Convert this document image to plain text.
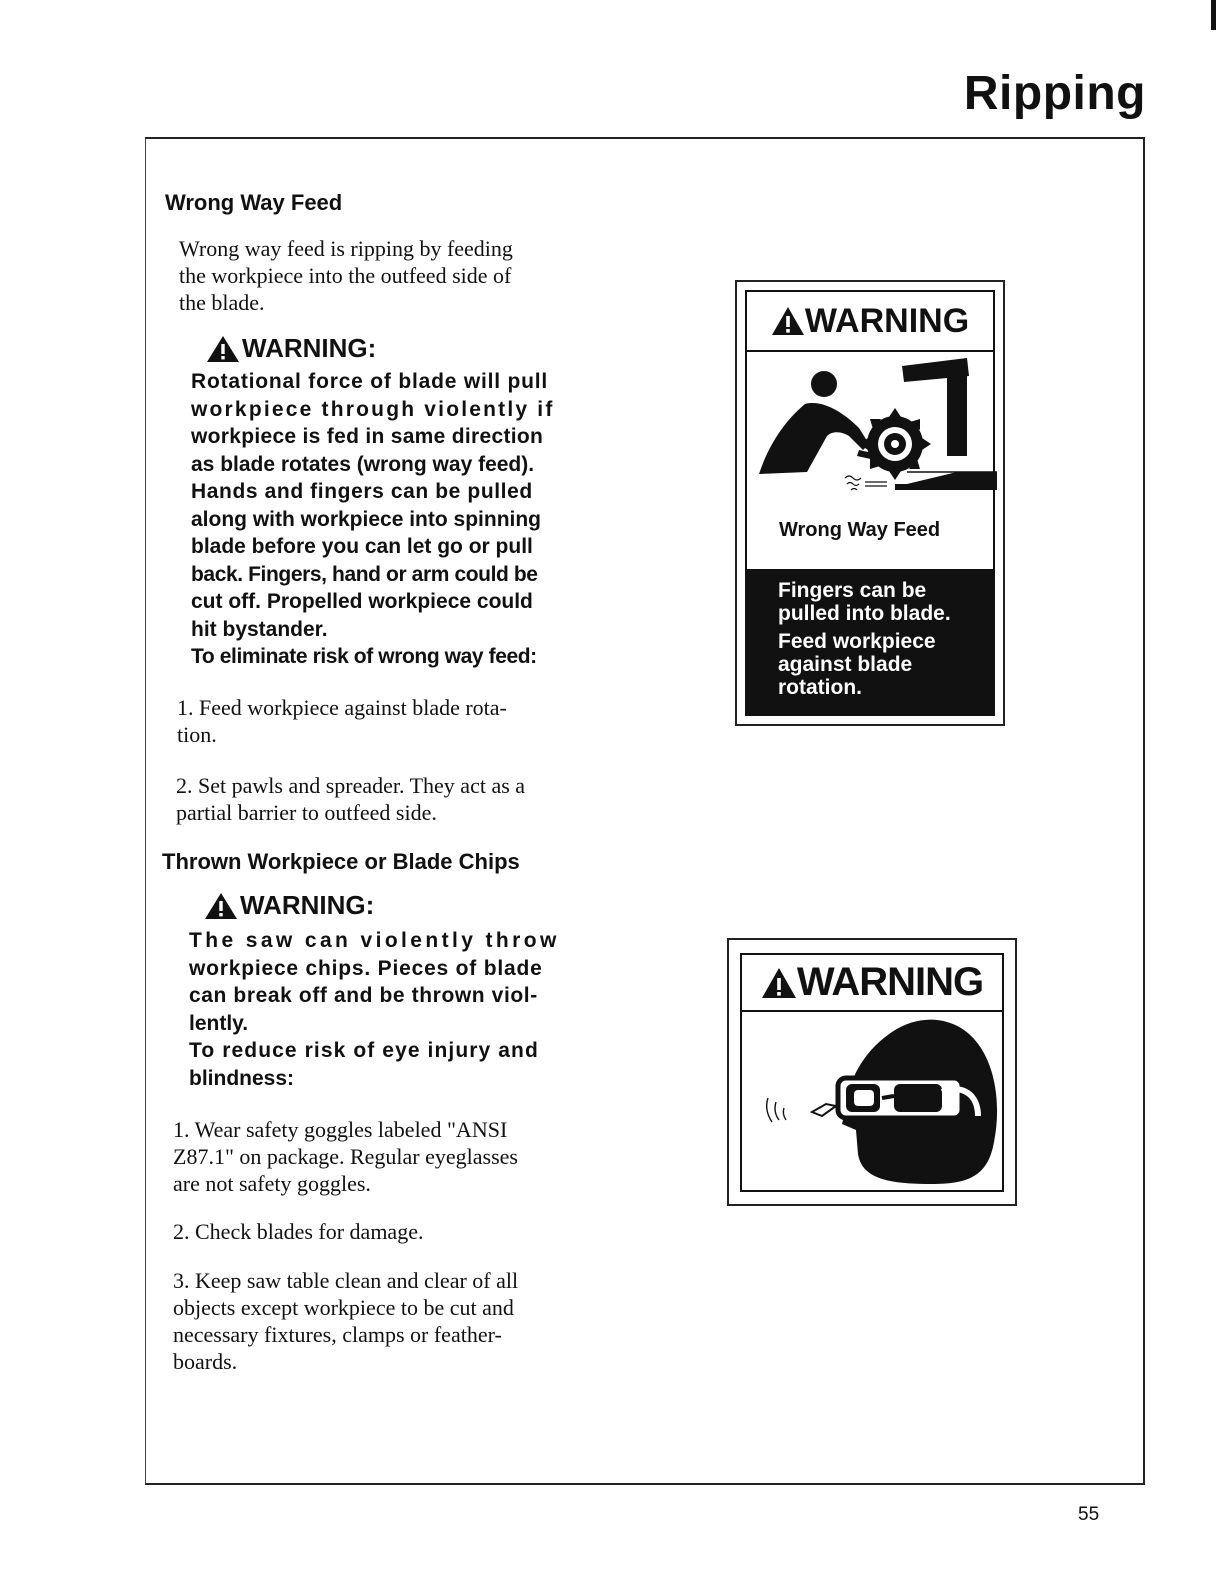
Ripping
Wrong Way Feed
Wrong way feed is ripping by feeding
the workpiece into the outfeed side of
the blade.
WARNING:
Rotational force of blade will pull
workpiece through violently if
workpiece is fed in same direction
as blade rotates (wrong way feed).
Hands and fingers can be pulled
along with workpiece into spinning
blade before you can let go or pull
back. Fingers, hand or arm could be
cut off. Propelled workpiece could
hit bystander.
To eliminate risk of wrong way feed:
1. Feed workpiece against blade rota-
tion.
2. Set pawls and spreader. They act as a
partial barrier to outfeed side.
Thrown Workpiece or Blade Chips
WARNING:
The saw can violently throw
workpiece chips. Pieces of blade
can break off and be thrown viol-
lently.
To reduce risk of eye injury and
blindness:
1. Wear safety goggles labeled "ANSI
Z87.1" on package. Regular eyeglasses
are not safety goggles.
2. Check blades for damage.
3. Keep saw table clean and clear of all
objects except workpiece to be cut and
necessary fixtures, clamps or feather-
boards.
WARNING
Wrong Way Feed

Fingers can be
pulled into blade.

Feed workpiece
against blade
rotation.

WARNING
55
